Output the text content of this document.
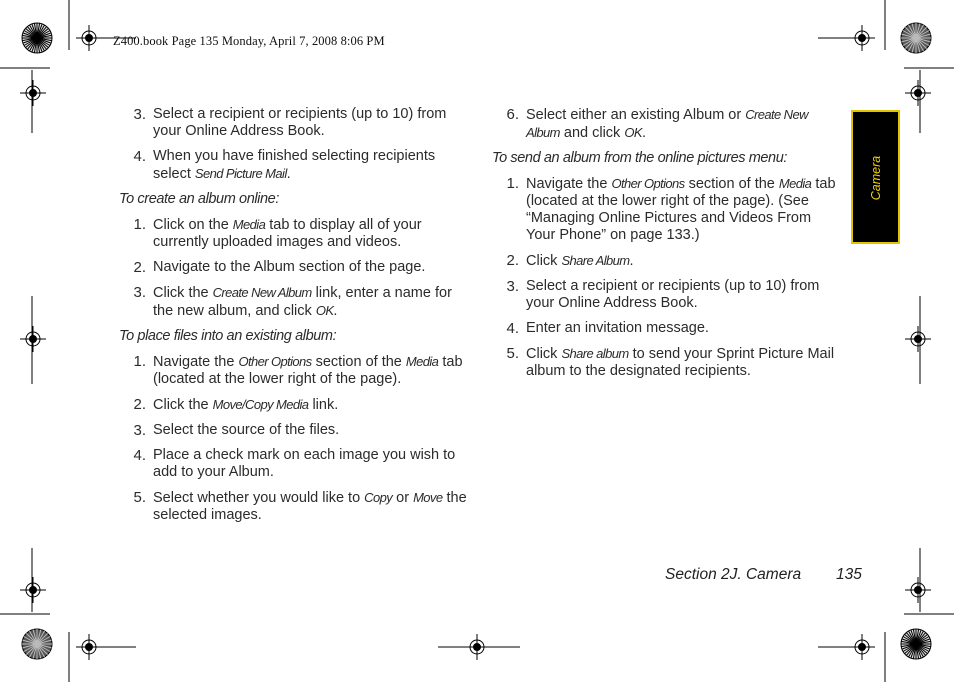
Z400.book Page 135 Monday, April 7, 2008 8:06 PM
Camera
3. Select a recipient or recipients (up to 10) from your Online Address Book.
4. When you have finished selecting recipients select Send Picture Mail.
To create an album online:
1. Click on the Media tab to display all of your currently uploaded images and videos.
2. Navigate to the Album section of the page.
3. Click the Create New Album link, enter a name for the new album, and click OK.
To place files into an existing album:
1. Navigate the Other Options section of the Media tab (located at the lower right of the page).
2. Click the Move/Copy Media link.
3. Select the source of the files.
4. Place a check mark on each image you wish to add to your Album.
5. Select whether you would like to Copy or Move the selected images.
6. Select either an existing Album or Create New Album and click OK.
To send an album from the online pictures menu:
1. Navigate the Other Options section of the Media tab (located at the lower right of the page). (See “Managing Online Pictures and Videos From Your Phone” on page 133.)
2. Click Share Album.
3. Select a recipient or recipients (up to 10) from your Online Address Book.
4. Enter an invitation message.
5. Click Share album to send your Sprint Picture Mail album to the designated recipients.
Section 2J. Camera 135
